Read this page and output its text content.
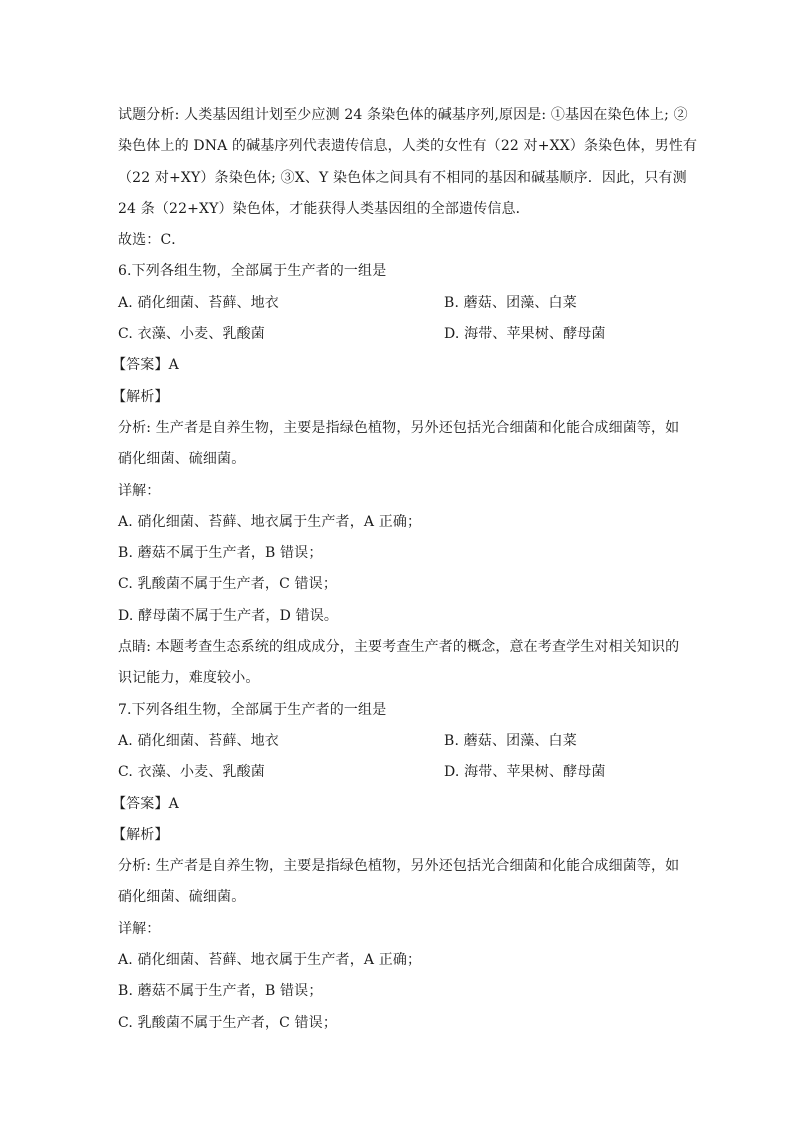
试题分析: 人类基因组计划至少应测 24 条染色体的碱基序列,原因是: ①基因在染色体上; ②
染色体上的 DNA 的碱基序列代表遗传信息，人类的女性有（22 对+XX）条染色体，男性有
（22 对+XY）条染色体; ③X、Y 染色体之间具有不相同的基因和碱基顺序．因此，只有测
24 条（22+XY）染色体，才能获得人类基因组的全部遗传信息．
故选：C．
6.下列各组生物，全部属于生产者的一组是
A. 硝化细菌、苔藓、地衣	B. 蘑菇、团藻、白菜
C. 衣藻、小麦、乳酸菌	D. 海带、苹果树、酵母菌
【答案】A
【解析】
分析: 生产者是自养生物，主要是指绿色植物，另外还包括光合细菌和化能合成细菌等，如
硝化细菌、硫细菌。
详解：
A. 硝化细菌、苔藓、地衣属于生产者，A 正确；
B. 蘑菇不属于生产者，B 错误；
C. 乳酸菌不属于生产者，C 错误；
D. 酵母菌不属于生产者，D 错误。
点睛: 本题考查生态系统的组成成分，主要考查生产者的概念，意在考查学生对相关知识的
识记能力，难度较小。
7.下列各组生物，全部属于生产者的一组是
A. 硝化细菌、苔藓、地衣	B. 蘑菇、团藻、白菜
C. 衣藻、小麦、乳酸菌	D. 海带、苹果树、酵母菌
【答案】A
【解析】
分析: 生产者是自养生物，主要是指绿色植物，另外还包括光合细菌和化能合成细菌等，如
硝化细菌、硫细菌。
详解：
A. 硝化细菌、苔藓、地衣属于生产者，A 正确；
B. 蘑菇不属于生产者，B 错误；
C. 乳酸菌不属于生产者，C 错误；
